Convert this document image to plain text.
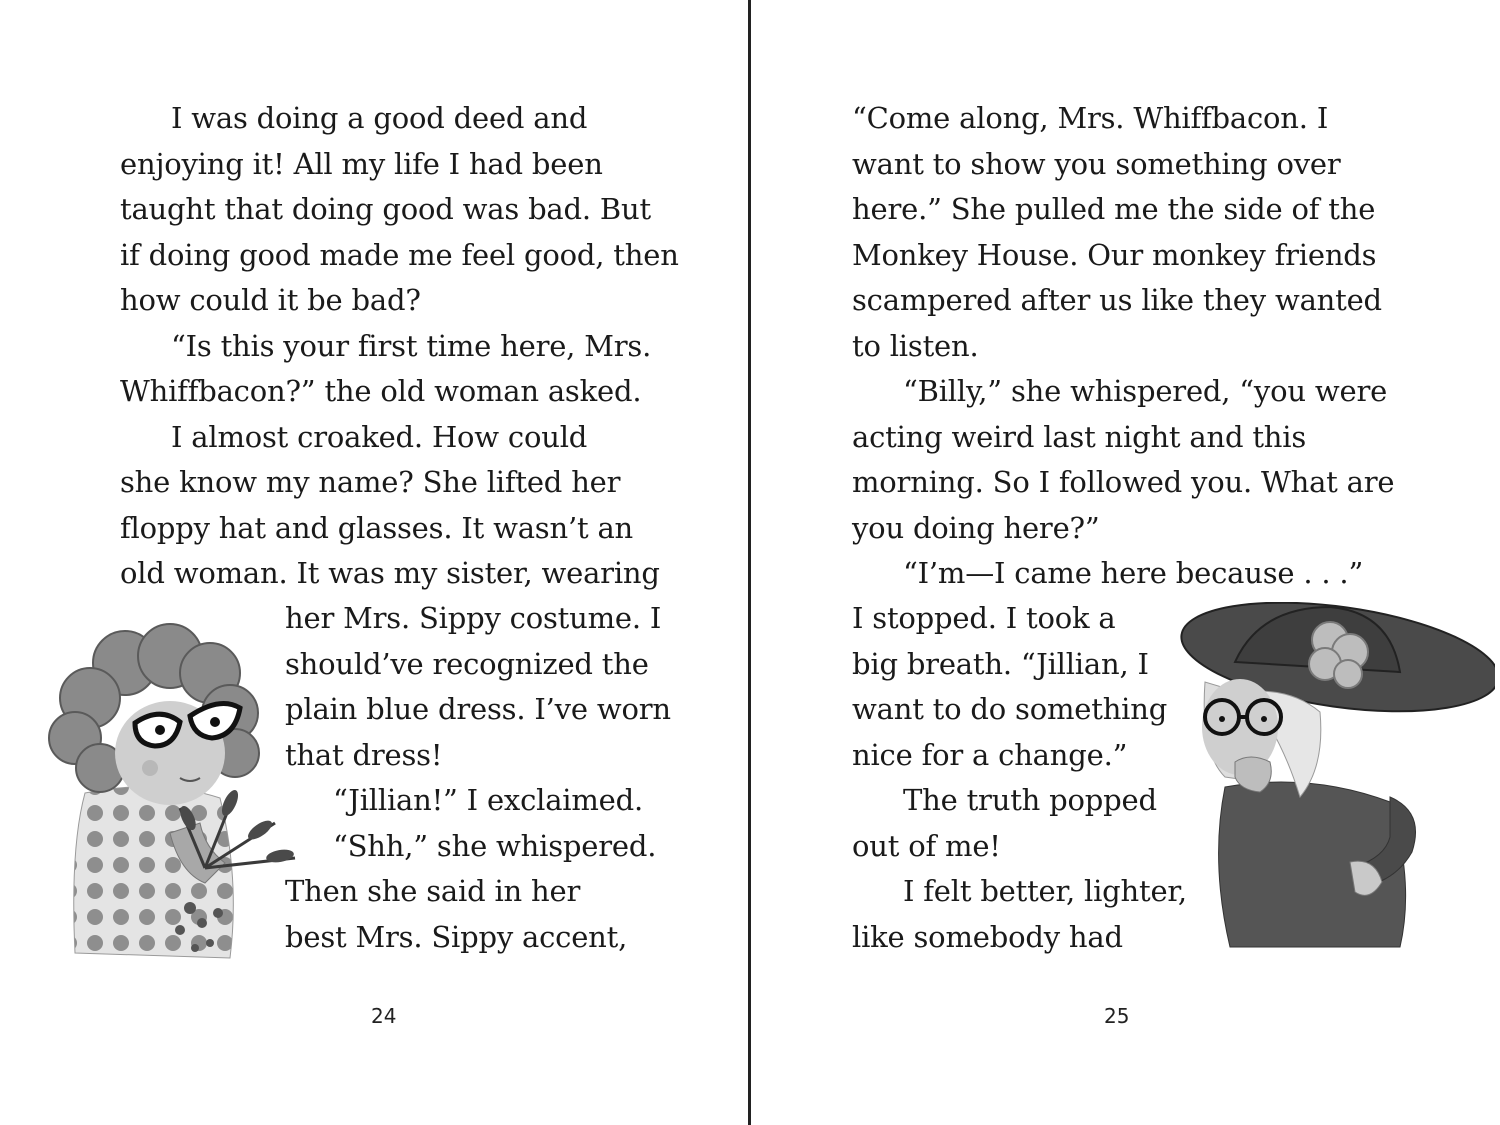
I was doing a good deed and
enjoying it! All my life I had been
taught that doing good was bad. But
if doing good made me feel good, then
how could it be bad?
“Is this your first time here, Mrs.
Whiffbacon?” the old woman asked.
I almost croaked. How could
she know my name? She lifted her
floppy hat and glasses. It wasn’t an
old woman. It was my sister, wearing
her Mrs. Sippy costume. I
should’ve recognized the
plain blue dress. I’ve worn
that dress!
“Jillian!” I exclaimed.
“Shh,” she whispered.
Then she said in her
best Mrs. Sippy accent,
24
“Come along, Mrs. Whiffbacon. I
want to show you something over
here.” She pulled me the side of the
Monkey House. Our monkey friends
scampered after us like they wanted
to listen.
“Billy,” she whispered, “you were
acting weird last night and this
morning. So I followed you. What are
you doing here?”
“I’m—I came here because . . .”
I stopped. I took a
big breath. “Jillian, I
want to do something
nice for a change.”
The truth popped
out of me!
I felt better, lighter,
like somebody had
25
